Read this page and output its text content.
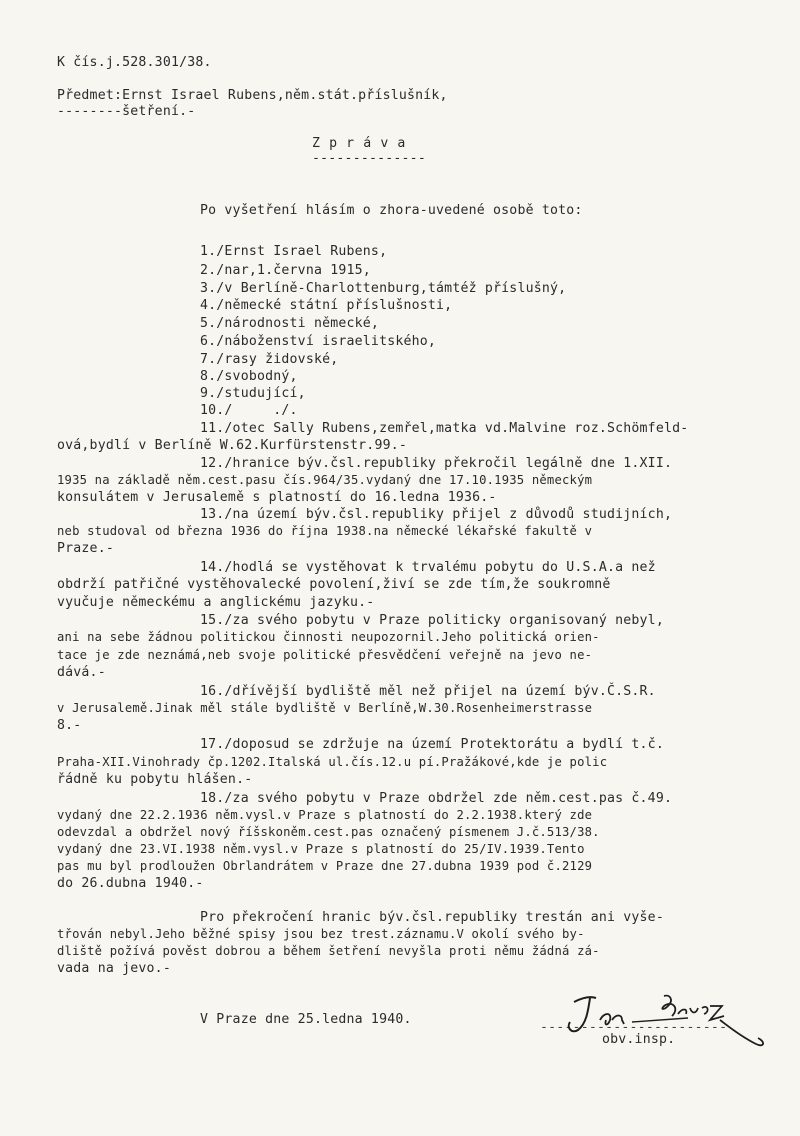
K čís.j.528.301/38.
Předmet:Ernst Israel Rubens,něm.stát.příslušník,
--------šetření.-
Z p r á v a
--------------
Po vyšetření hlásím o zhora-uvedené osobě toto:
1./Ernst Israel Rubens,
2./nar,1.června 1915,
3./v Berlíně-Charlottenburg,támtéž příslušný,
4./německé státní příslušnosti,
5./národnosti německé,
6./náboženství israelitského,
7./rasy židovské,
8./svobodný,
9./studující,
10./     ./.
11./otec Sally Rubens,zemřel,matka vd.Malvine roz.Schömfeld-
ová,bydlí v Berlíně W.62.Kurfürstenstr.99.-
12./hranice býv.čsl.republiky překročil legálně dne 1.XII.
1935 na základě něm.cest.pasu čís.964/35.vydaný dne 17.10.1935 německým
konsulátem v Jerusalemě s platností do 16.ledna 1936.-
13./na území býv.čsl.republiky přijel z důvodů studijních,
neb studoval od března 1936 do října 1938.na německé lékařské fakultě v
Praze.-
14./hodlá se vystěhovat k trvalému pobytu do U.S.A.a než
obdrží patřičné vystěhovalecké povolení,živí se zde tím,že soukromně
vyučuje německému a anglickému jazyku.-
15./za svého pobytu v Praze politicky organisovaný nebyl,
ani na sebe žádnou politickou činnosti neupozornil.Jeho politická orien-
tace je zde neznámá,neb svoje politické přesvědčení veřejně na jevo ne-
dává.-
16./dřívější bydliště měl než přijel na území býv.Č.S.R.
v Jerusalemě.Jinak měl stále bydliště v Berlíně,W.30.Rosenheimerstrasse
8.-
17./doposud se zdržuje na území Protektorátu a bydlí t.č.
Praha-XII.Vinohrady čp.1202.Italská ul.čís.12.u pí.Pražákové,kde je polic
řádně ku pobytu hlášen.-
18./za svého pobytu v Praze obdržel zde něm.cest.pas č.49.
vydaný dne 22.2.1936 něm.vysl.v Praze s platností do 2.2.1938.který zde
odevzdal a obdržel nový říšskoněm.cest.pas označený písmenem J.č.513/38.
vydaný dne 23.VI.1938 něm.vysl.v Praze s platností do 25/IV.1939.Tento
pas mu byl prodloužen Obrlandrátem v Praze dne 27.dubna 1939 pod č.2129
do 26.dubna 1940.-
Pro překročení hranic býv.čsl.republiky trestán ani vyše-
třován nebyl.Jeho běžné spisy jsou bez trest.záznamu.V okolí svého by-
dliště požívá pověst dobrou a během šetření nevyšla proti němu žádná zá-
vada na jevo.-
V Praze dne 25.ledna 1940.
-----------------------
obv.insp.
